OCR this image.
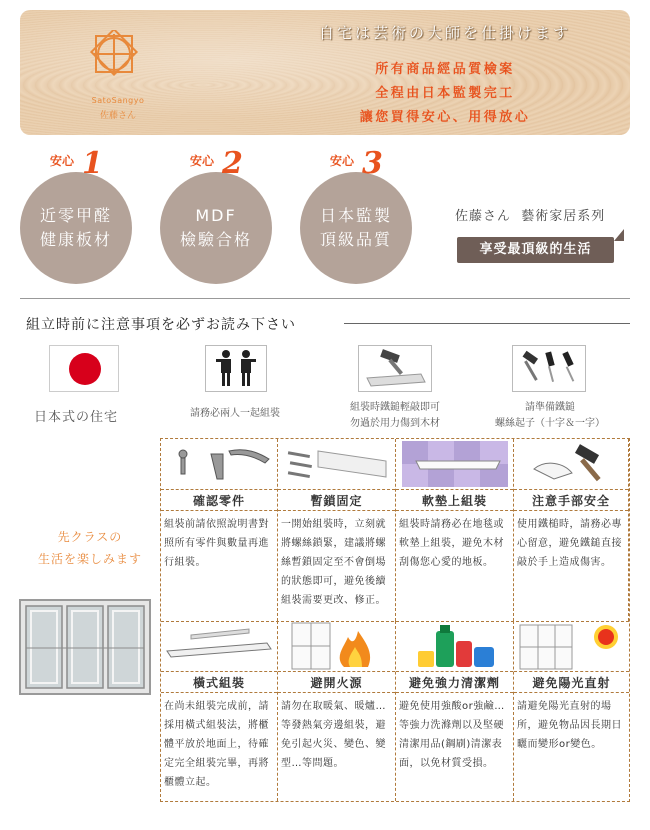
SatoSangyo
佐藤さん
自宅は芸術の大師を仕掛けます
所有商品經品質檢案
全程由日本監製完工
讓您買得安心、用得放心
安心 1
近零甲醛
健康板材
安心 2
MDF
檢驗合格
安心 3
日本監製
頂級品質
佐藤さん  藝術家居系列
享受最頂級的生活
組立時前に注意事項を必ずお読み下さい
日本式の住宅	請務必兩人一起組裝
組裝時鐵鎚輕敲即可
勿過於用力傷到木材
請準備鐵鎚
螺絲起子（十字＆一字）
先クラスの
生活を楽しみます
確認零件
組裝前請依照說明書對照所有零件與數量再進行組裝。
暫鎖固定
一開始組裝時，立刻就將螺絲鎖緊，建議將螺絲暫鎖固定至不會倒場的狀態即可，避免後續組裝需要更改、修正。
軟墊上組裝
組裝時請務必在地毯或軟墊上組裝，避免木材刮傷您心愛的地板。
注意手部安全
使用鐵槌時，請務必專心留意，避免鐵鎚直接敲於手上造成傷害。
橫式組裝
在尚未組裝完成前，請採用橫式組裝法，將櫃體平放於地面上，待確定完全組裝完畢，再將櫃體立起。
避開火源
請勿在取暖氣、暖爐…等發熱氣旁邊組裝，避免引起火災、變色、變型…等問題。
避免強力清潔劑
避免使用強酸or強鹼…等強力洗滌劑以及堅硬清潔用品(鋼刷)清潔表面，以免材質受損。
避免陽光直射
請避免陽光直射的場所，避免物品因長期日曬而變形or變色。
